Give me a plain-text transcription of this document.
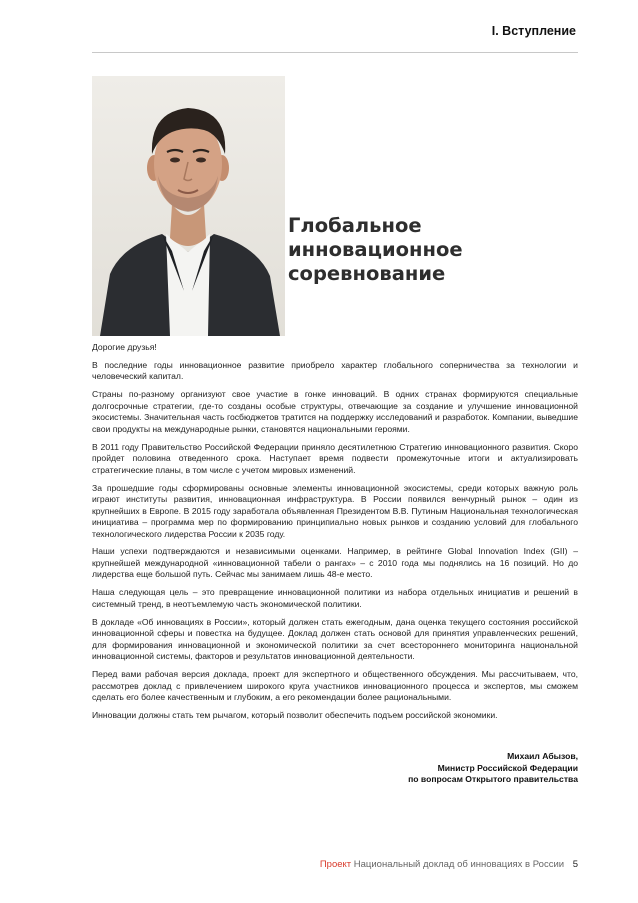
I. Вступление
Глобальное
инновационное
соревнование

Дорогие друзья!

В последние годы инновационное развитие приобрело характер глобального соперничества за технологии и человеческий капитал.

Страны по-разному организуют свое участие в гонке инноваций. В одних странах формируются специальные долгосрочные стратегии, где-то созданы особые структуры, отвечающие за создание и улучшение инновационной экосистемы. Значительная часть госбюджетов тратится на поддержку исследований и разработок. Компании, выведшие свои продукты на международные рынки, становятся национальными героями.

В 2011 году Правительство Российской Федерации приняло десятилетнюю Стратегию инновационного развития. Скоро пройдет половина отведенного срока. Наступает время подвести промежуточные итоги и актуализировать стратегические планы, в том числе с учетом мировых изменений.

За прошедшие годы сформированы основные элементы инновационной экосистемы, среди которых важную роль играют институты развития, инновационная инфраструктура. В России появился венчурный рынок – один из крупнейших в Европе. В 2015 году заработала объявленная Президентом В.В. Путиным Национальная технологическая инициатива – программа мер по формированию принципиально новых рынков и созданию условий для глобального технологического лидерства России к 2035 году.

Наши успехи подтверждаются и независимыми оценками. Например, в рейтинге Global Innovation Index (GII) – крупнейшей международной «инновационной табели о рангах» – с 2010 года мы поднялись на 16 позиций. Но до лидерства еще большой путь. Сейчас мы занимаем лишь 48-е место.

Наша следующая цель – это превращение инновационной политики из набора отдельных инициатив и решений в системный тренд, в неотъемлемую часть экономической политики.

В докладе «Об инновациях в России», который должен стать ежегодным, дана оценка текущего состояния российской инновационной сферы и повестка на будущее. Доклад должен стать основой для принятия управленческих решений, для формирования инновационной и экономической политики за счет всестороннего мониторинга национальной инновационной системы, факторов и результатов инновационной деятельности.

Перед вами рабочая версия доклада, проект для экспертного и общественного обсуждения. Мы рассчитываем, что, рассмотрев доклад с привлечением широкого круга участников инновационного процесса и экспертов, мы сможем сделать его более качественным и глубоким, а его рекомендации более рациональными.

Инновации должны стать тем рычагом, который позволит обеспечить подъем российской экономики.

Михаил Абызов,
Министр Российской Федерации
по вопросам Открытого правительства
Проект Национальный доклад об инновациях в России 5
